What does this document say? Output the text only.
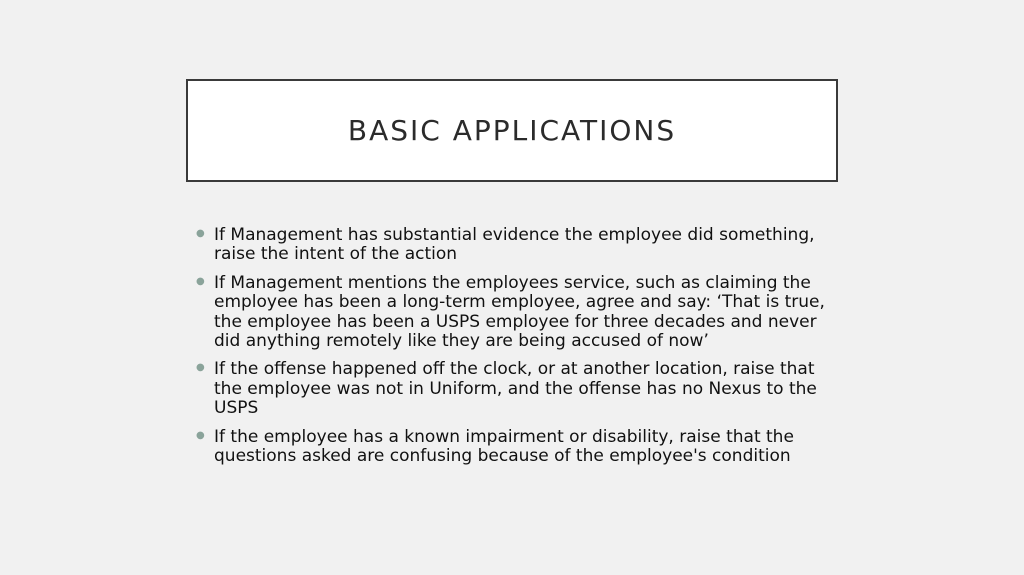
BASIC APPLICATIONS
● If Management has substantial evidence the employee did something, raise the intent of the action
● If Management mentions the employees service, such as claiming the employee has been a long-term employee, agree and say: ‘That is true, the employee has been a USPS employee for three decades and never did anything remotely like they are being accused of now’
● If the offense happened off the clock, or at another location, raise that the employee was not in Uniform, and the offense has no Nexus to the USPS
● If the employee has a known impairment or disability, raise that the questions asked are confusing because of the employee's condition
